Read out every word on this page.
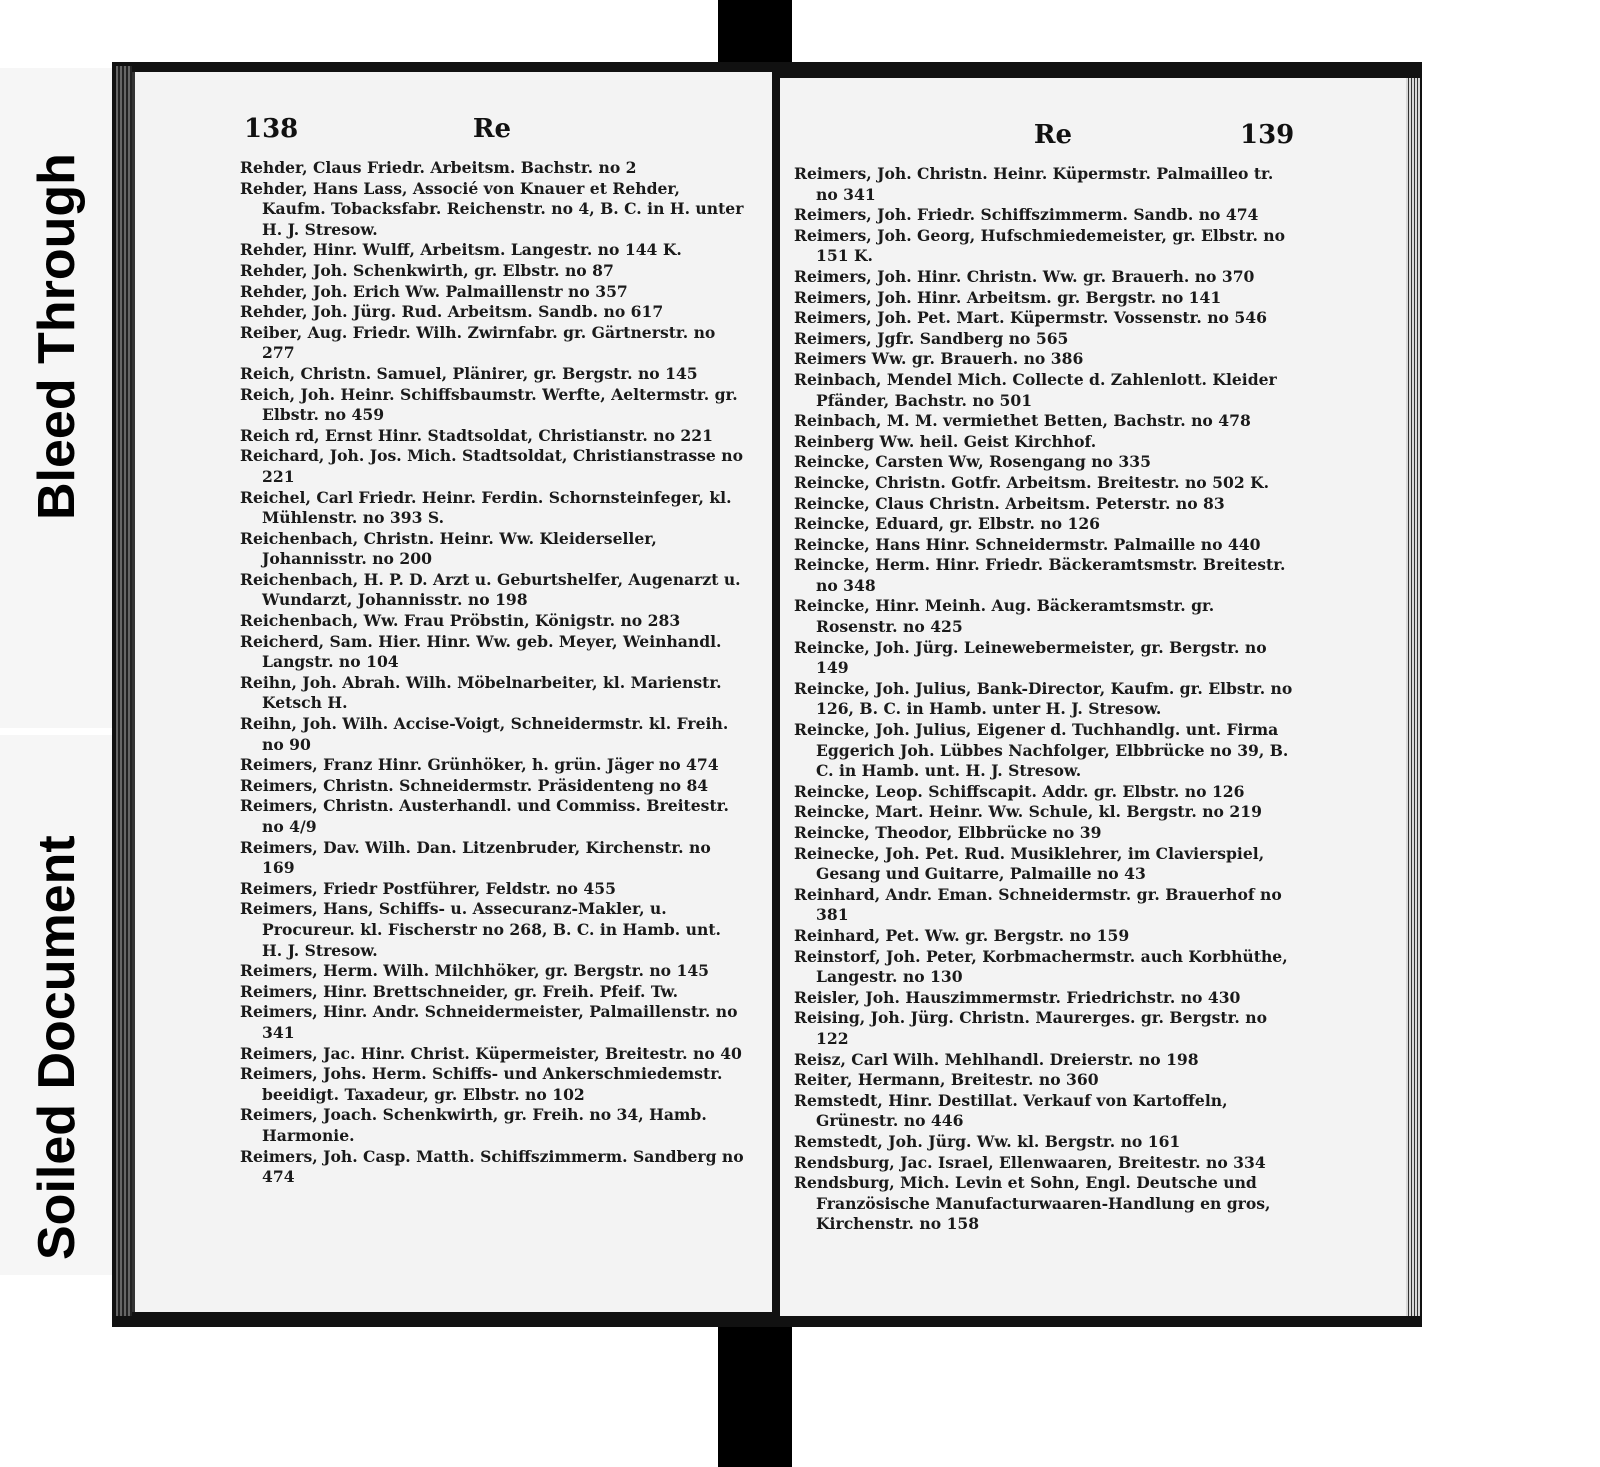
Bleed Through
Soiled Document
138	Re

Rehder, Claus Friedr. Arbeitsm. Bachstr. no 2

Rehder, Hans Lass, Associé von Knauer et Rehder, Kaufm. Tobacksfabr. Reichenstr. no 4, B. C. in H. unter H. J. Stresow.

Rehder, Hinr. Wulff, Arbeitsm. Langestr. no 144 K.

Rehder, Joh. Schenkwirth, gr. Elbstr. no 87

Rehder, Joh. Erich Ww. Palmaillenstr no 357

Rehder, Joh. Jürg. Rud. Arbeitsm. Sandb. no 617

Reiber, Aug. Friedr. Wilh. Zwirnfabr. gr. Gärtnerstr. no 277

Reich, Christn. Samuel, Plänirer, gr. Bergstr. no 145

Reich, Joh. Heinr. Schiffsbaumstr. Werfte, Aeltermstr. gr. Elbstr. no 459

Reich rd, Ernst Hinr. Stadtsoldat, Christianstr. no 221

Reichard, Joh. Jos. Mich. Stadtsoldat, Christianstrasse no 221

Reichel, Carl Friedr. Heinr. Ferdin. Schornsteinfeger, kl. Mühlenstr. no 393 S.

Reichenbach, Christn. Heinr. Ww. Kleiderseller, Johannisstr. no 200

Reichenbach, H. P. D. Arzt u. Geburtshelfer, Augenarzt u. Wundarzt, Johannisstr. no 198

Reichenbach, Ww. Frau Pröbstin, Königstr. no 283

Reicherd, Sam. Hier. Hinr. Ww. geb. Meyer, Weinhandl. Langstr. no 104

Reihn, Joh. Abrah. Wilh. Möbelnarbeiter, kl. Marienstr. Ketsch H.

Reihn, Joh. Wilh. Accise-Voigt, Schneidermstr. kl. Freih. no 90

Reimers, Franz Hinr. Grünhöker, h. grün. Jäger no 474

Reimers, Christn. Schneidermstr. Präsidenteng no 84

Reimers, Christn. Austerhandl. und Commiss. Breitestr. no 4/9

Reimers, Dav. Wilh. Dan. Litzenbruder, Kirchenstr. no 169

Reimers, Friedr Postführer, Feldstr. no 455

Reimers, Hans, Schiffs- u. Assecuranz-Makler, u. Procureur. kl. Fischerstr no 268, B. C. in Hamb. unt. H. J. Stresow.

Reimers, Herm. Wilh. Milchhöker, gr. Bergstr. no 145

Reimers, Hinr. Brettschneider, gr. Freih. Pfeif. Tw.

Reimers, Hinr. Andr. Schneidermeister, Palmaillenstr. no 341

Reimers, Jac. Hinr. Christ. Küpermeister, Breitestr. no 40

Reimers, Johs. Herm. Schiffs- und Ankerschmiedemstr. beeidigt. Taxadeur, gr. Elbstr. no 102

Reimers, Joach. Schenkwirth, gr. Freih. no 34, Hamb. Harmonie.

Reimers, Joh. Casp. Matth. Schiffszimmerm. Sandberg no 474

Re	139

Reimers, Joh. Christn. Heinr. Küpermstr. Palmailleo tr. no 341

Reimers, Joh. Friedr. Schiffszimmerm. Sandb. no 474

Reimers, Joh. Georg, Hufschmiedemeister, gr. Elbstr. no 151 K.

Reimers, Joh. Hinr. Christn. Ww. gr. Brauerh. no 370

Reimers, Joh. Hinr. Arbeitsm. gr. Bergstr. no 141

Reimers, Joh. Pet. Mart. Küpermstr. Vossenstr. no 546

Reimers, Jgfr. Sandberg no 565

Reimers Ww. gr. Brauerh. no 386

Reinbach, Mendel Mich. Collecte d. Zahlenlott. Kleider Pfänder, Bachstr. no 501

Reinbach, M. M. vermiethet Betten, Bachstr. no 478

Reinberg Ww. heil. Geist Kirchhof.

Reincke, Carsten Ww, Rosengang no 335

Reincke, Christn. Gotfr. Arbeitsm. Breitestr. no 502 K.

Reincke, Claus Christn. Arbeitsm. Peterstr. no 83

Reincke, Eduard, gr. Elbstr. no 126

Reincke, Hans Hinr. Schneidermstr. Palmaille no 440

Reincke, Herm. Hinr. Friedr. Bäckeramtsmstr. Breitestr. no 348

Reincke, Hinr. Meinh. Aug. Bäckeramtsmstr. gr. Rosenstr. no 425

Reincke, Joh. Jürg. Leinewebermeister, gr. Bergstr. no 149

Reincke, Joh. Julius, Bank-Director, Kaufm. gr. Elbstr. no 126, B. C. in Hamb. unter H. J. Stresow.

Reincke, Joh. Julius, Eigener d. Tuchhandlg. unt. Firma Eggerich Joh. Lübbes Nachfolger, Elbbrücke no 39, B. C. in Hamb. unt. H. J. Stresow.

Reincke, Leop. Schiffscapit. Addr. gr. Elbstr. no 126

Reincke, Mart. Heinr. Ww. Schule, kl. Bergstr. no 219

Reincke, Theodor, Elbbrücke no 39

Reinecke, Joh. Pet. Rud. Musiklehrer, im Clavierspiel, Gesang und Guitarre, Palmaille no 43

Reinhard, Andr. Eman. Schneidermstr. gr. Brauerhof no 381

Reinhard, Pet. Ww. gr. Bergstr. no 159

Reinstorf, Joh. Peter, Korbmachermstr. auch Korbhüthe, Langestr. no 130

Reisler, Joh. Hauszimmermstr. Friedrichstr. no 430

Reising, Joh. Jürg. Christn. Maurerges. gr. Bergstr. no 122

Reisz, Carl Wilh. Mehlhandl. Dreierstr. no 198

Reiter, Hermann, Breitestr. no 360

Remstedt, Hinr. Destillat. Verkauf von Kartoffeln, Grünestr. no 446

Remstedt, Joh. Jürg. Ww. kl. Bergstr. no 161

Rendsburg, Jac. Israel, Ellenwaaren, Breitestr. no 334

Rendsburg, Mich. Levin et Sohn, Engl. Deutsche und Französische Manufacturwaaren-Handlung en gros, Kirchenstr. no 158
